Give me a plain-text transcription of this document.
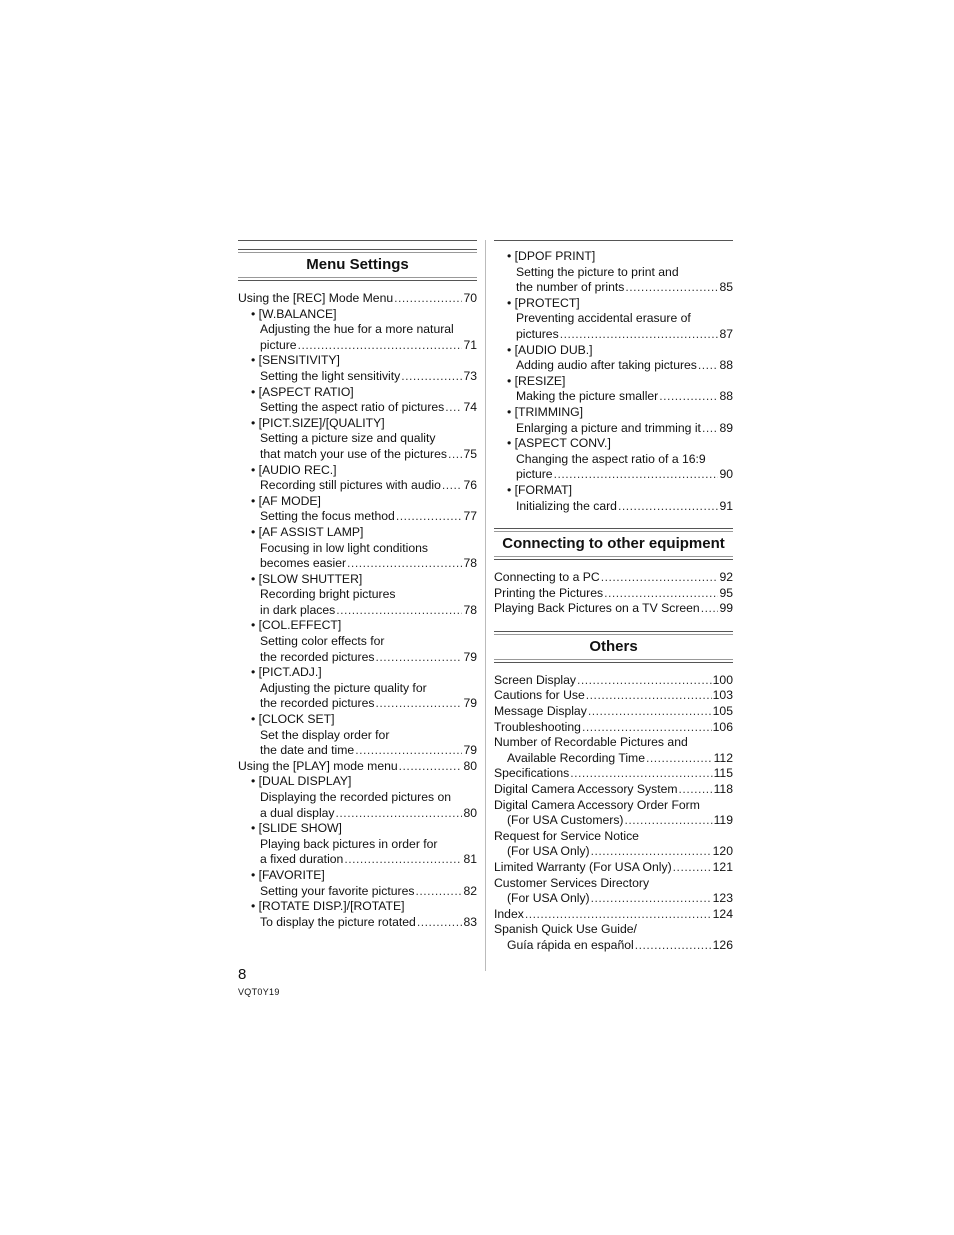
Menu Settings
Using the [REC] Mode Menu .....	70
• [W.BALANCE]
Adjusting the hue for a more natural
picture .....	71
• [SENSITIVITY]
Setting the light sensitivity .....	73
• [ASPECT RATIO]
Setting the aspect ratio of pictures ..... 74
• [PICT.SIZE]/[QUALITY]
Setting a picture size and quality
that match your use of the pictures ..... 75
• [AUDIO REC.]
Recording still pictures with audio ..... 76
• [AF MODE]
Setting the focus method .....	77
• [AF ASSIST LAMP]
Focusing in low light conditions
becomes easier .....	78
• [SLOW SHUTTER]
Recording bright pictures
in dark places .....	78
• [COL.EFFECT]
Setting color effects for
the recorded pictures .....	79
• [PICT.ADJ.]
Adjusting the picture quality for
the recorded pictures .....	79
• [CLOCK SET]
Set the display order for
the date and time .....	79
Using the [PLAY] mode menu .....	80
• [DUAL DISPLAY]
Displaying the recorded pictures on
a dual display .....	80
• [SLIDE SHOW]
Playing back pictures in order for
a fixed duration .....	81
• [FAVORITE]
Setting your favorite pictures .....	82
• [ROTATE DISP.]/[ROTATE]
To display the picture rotated .....	83
• [DPOF PRINT]
Setting the picture to print and
the number of prints .....	85
• [PROTECT]
Preventing accidental erasure of
pictures .....	87
• [AUDIO DUB.]
Adding audio after taking pictures ..... 88
• [RESIZE]
Making the picture smaller .....	88
• [TRIMMING]
Enlarging a picture and trimming it ..... 89
• [ASPECT CONV.]
Changing the aspect ratio of a 16:9
picture .....	90
• [FORMAT]
Initializing the card .....	91
Connecting to other equipment
Connecting to a PC .....	92
Printing the Pictures .....	95
Playing Back Pictures on a TV Screen ..... 99
Others
Screen Display .....	100
Cautions for Use .....	103
Message Display .....	105
Troubleshooting .....	106
Number of Recordable Pictures and
Available Recording Time .....	112
Specifications .....	115
Digital Camera Accessory System .....	118
Digital Camera Accessory Order Form
(For USA Customers) .....	119
Request for Service Notice
(For USA Only) .....	120
Limited Warranty (For USA Only) .....	121
Customer Services Directory
(For USA Only) .....	123
Index .....	124
Spanish Quick Use Guide/
Guía rápida en español .....	126
8
VQT0Y19
